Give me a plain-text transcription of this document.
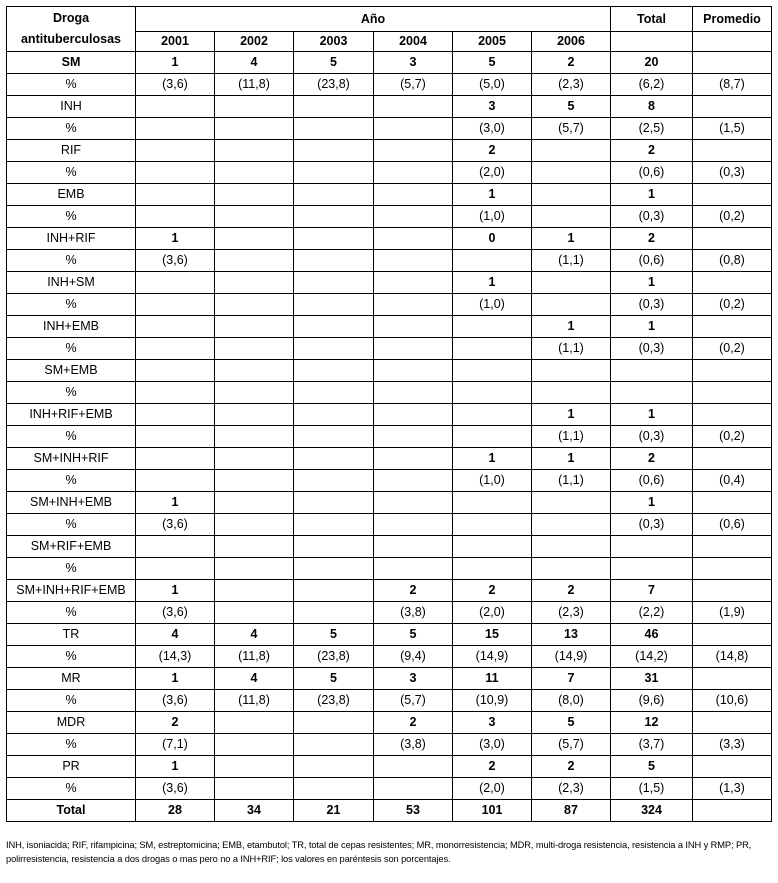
Droga antituberculosas	Año						Total	Promedio
	2001	2002	2003	2004	2005	2006		
SM	1	4	5	3	5	2	20	
%	(3,6)	(11,8)	(23,8)	(5,7)	(5,0)	(2,3)	(6,2)	(8,7)
INH					3	5	8	
%					(3,0)	(5,7)	(2,5)	(1,5)
RIF					2		2	
%					(2,0)		(0,6)	(0,3)
EMB					1		1	
%					(1,0)		(0,3)	(0,2)
INH+RIF	1				0	1	2	
%	(3,6)					(1,1)	(0,6)	(0,8)
INH+SM					1		1	
%					(1,0)		(0,3)	(0,2)
INH+EMB						1	1	
%						(1,1)	(0,3)	(0,2)
SM+EMB								
%								
INH+RIF+EMB						1	1	
%						(1,1)	(0,3)	(0,2)
SM+INH+RIF					1	1	2	
%					(1,0)	(1,1)	(0,6)	(0,4)
SM+INH+EMB	1						1	
%	(3,6)						(0,3)	(0,6)
SM+RIF+EMB								
%								
SM+INH+RIF+EMB	1			2	2	2	7	
%	(3,6)			(3,8)	(2,0)	(2,3)	(2,2)	(1,9)
TR	4	4	5	5	15	13	46	
%	(14,3)	(11,8)	(23,8)	(9,4)	(14,9)	(14,9)	(14,2)	(14,8)
MR	1	4	5	3	11	7	31	
%	(3,6)	(11,8)	(23,8)	(5,7)	(10,9)	(8,0)	(9,6)	(10,6)
MDR	2			2	3	5	12	
%	(7,1)			(3,8)	(3,0)	(5,7)	(3,7)	(3,3)
PR	1				2	2	5	
%	(3,6)				(2,0)	(2,3)	(1,5)	(1,3)
Total	28	34	21	53	101	87	324	
INH, isoniacida; RIF, rifampicina; SM, estreptomicina; EMB, etambutol; TR, total de cepas resistentes; MR, monorresistencia; MDR, multi-droga resistencia, resistencia a INH y RMP; PR, polirresistencia, resistencia a dos drogas o mas pero no a INH+RIF; los valores en paréntesis son porcentajes.
